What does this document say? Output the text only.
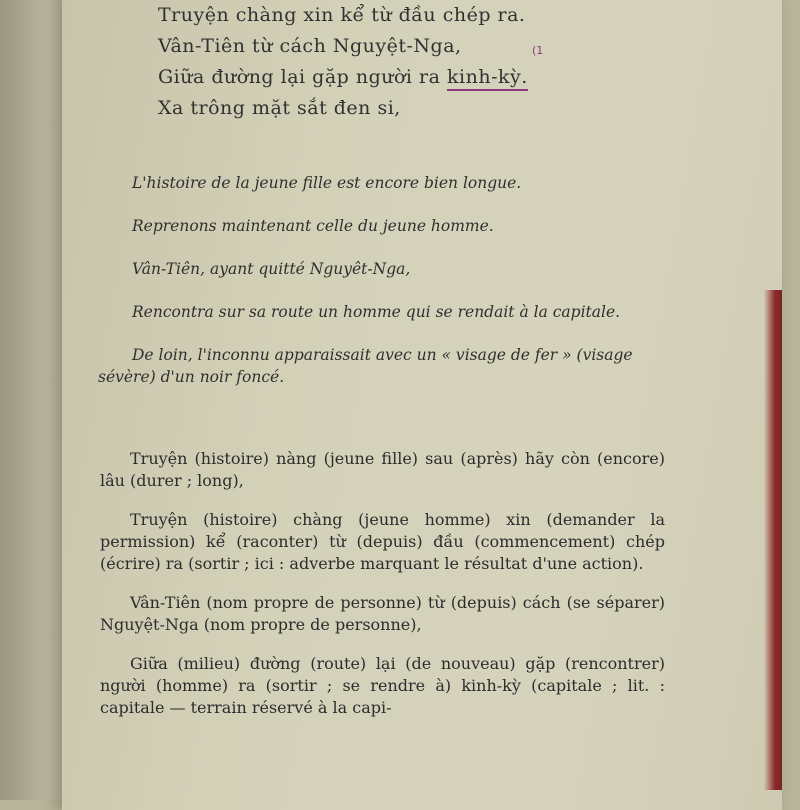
Truyện chàng xin kể từ đầu chép ra.
Vân-Tiên từ cách Nguyệt-Nga,
Giữa đường lại gặp người ra kinh-kỳ.
Xa trông mặt sắt đen si,
(1

L'histoire de la jeune fille est encore bien longue.

Reprenons maintenant celle du jeune homme.

Vân-Tiên, ayant quitté Nguyêt-Nga,

Rencontra sur sa route un homme qui se rendait à la capitale.

De loin, l'inconnu apparaissait avec un « visage de fer » (visage sévère) d'un noir foncé.

Truyện (histoire) nàng (jeune fille) sau (après) hãy còn (encore) lâu (durer ; long),

Truyện (histoire) chàng (jeune homme) xin (demander la permission) kể (raconter) từ (depuis) đầu (commencement) chép (écrire) ra (sortir ; ici : adverbe marquant le résultat d'une action).

Vân-Tiên (nom propre de personne) từ (depuis) cách (se séparer) Nguyệt-Nga (nom propre de personne),

Giữa (milieu) đường (route) lại (de nouveau) gặp (rencontrer) người (homme) ra (sortir ; se rendre à) kinh-kỳ (capitale ; lit. : capitale — terrain réservé à la capi-
